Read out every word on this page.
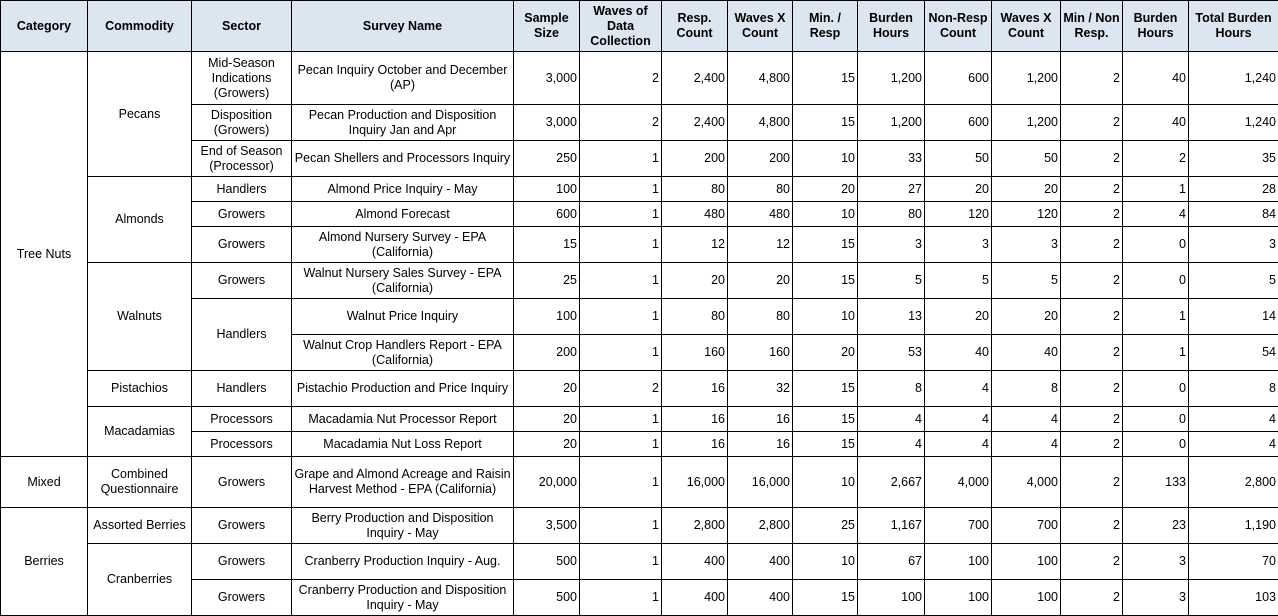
Category	Commodity	Sector	Survey Name	Sample Size	Waves of Data Collection	Resp. Count	Waves X Count	Min. / Resp	Burden Hours	Non-Resp Count	Waves X Count	Min / Non Resp.	Burden Hours	Total Burden Hours
Tree Nuts	Pecans	Mid-Season Indications (Growers)	Pecan Inquiry October and December (AP)	3,000	2	2,400	4,800	15	1,200	600	1,200	2	40	1,240
		Disposition (Growers)	Pecan Production and Disposition Inquiry Jan and Apr	3,000	2	2,400	4,800	15	1,200	600	1,200	2	40	1,240
		End of Season (Processor)	Pecan Shellers and Processors Inquiry	250	1	200	200	10	33	50	50	2	2	35
	Almonds	Handlers	Almond Price Inquiry - May	100	1	80	80	20	27	20	20	2	1	28
		Growers	Almond Forecast	600	1	480	480	10	80	120	120	2	4	84
		Growers	Almond Nursery Survey - EPA (California)	15	1	12	12	15	3	3	3	2	0	3
	Walnuts	Growers	Walnut Nursery Sales Survey - EPA (California)	25	1	20	20	15	5	5	5	2	0	5
		Handlers	Walnut Price Inquiry	100	1	80	80	10	13	20	20	2	1	14
			Walnut Crop Handlers Report - EPA (California)	200	1	160	160	20	53	40	40	2	1	54
	Pistachios	Handlers	Pistachio Production and Price Inquiry	20	2	16	32	15	8	4	8	2	0	8
	Macadamias	Processors	Macadamia Nut Processor Report	20	1	16	16	15	4	4	4	2	0	4
		Processors	Macadamia Nut Loss Report	20	1	16	16	15	4	4	4	2	0	4
Mixed	Combined Questionnaire	Growers	Grape and Almond Acreage and Raisin Harvest Method - EPA (California)	20,000	1	16,000	16,000	10	2,667	4,000	4,000	2	133	2,800
Berries	Assorted Berries	Growers	Berry Production and Disposition Inquiry - May	3,500	1	2,800	2,800	25	1,167	700	700	2	23	1,190
	Cranberries	Growers	Cranberry Production Inquiry - Aug.	500	1	400	400	10	67	100	100	2	3	70
		Growers	Cranberry Production and Disposition Inquiry - May	500	1	400	400	15	100	100	100	2	3	103
